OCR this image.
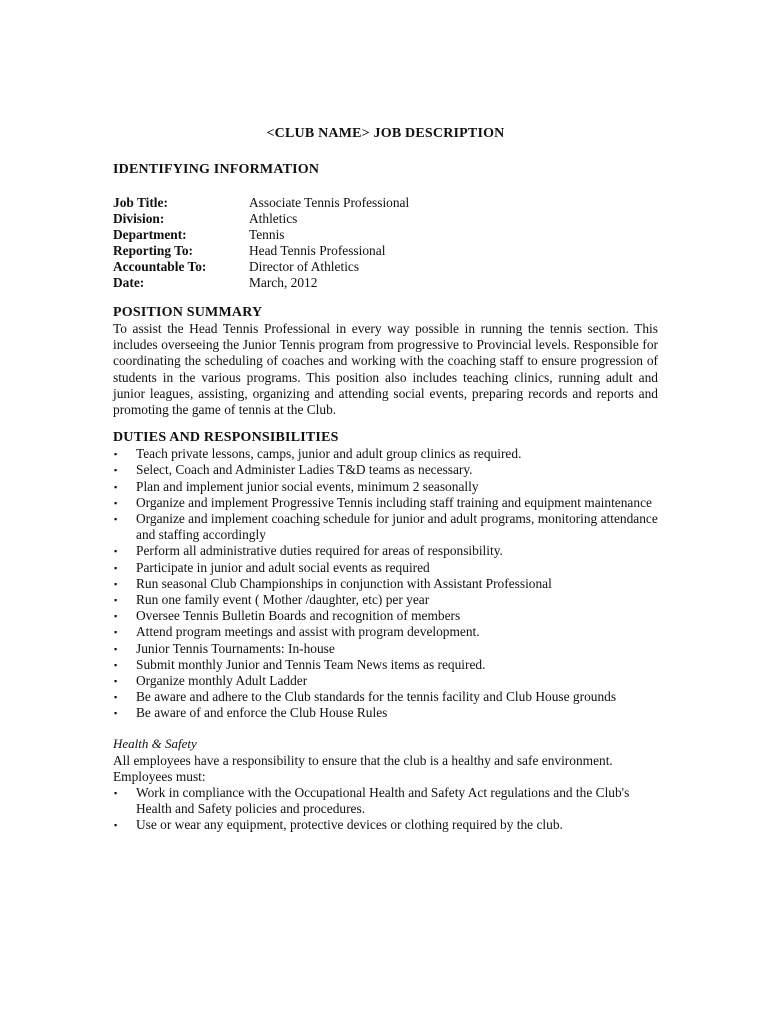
<CLUB NAME> JOB DESCRIPTION
IDENTIFYING INFORMATION
Job Title:	Associate Tennis Professional
Division:	Athletics
Department:	Tennis
Reporting To:	Head Tennis Professional
Accountable To:	Director of Athletics
Date:	March, 2012
POSITION SUMMARY

To assist the Head Tennis Professional in every way possible in running the tennis section. This includes overseeing the Junior Tennis program from progressive to Provincial levels. Responsible for coordinating the scheduling of coaches and working with the coaching staff to ensure progression of students in the various programs. This position also includes teaching clinics, running adult and junior leagues, assisting, organizing and attending social events, preparing records and reports and promoting the game of tennis at the Club.

DUTIES AND RESPONSIBILITIES
▪ Teach private lessons, camps, junior and adult group clinics as required.
▪ Select, Coach and Administer Ladies T&D teams as necessary.
▪ Plan and implement junior social events, minimum 2 seasonally
▪ Organize and implement Progressive Tennis including staff training and equipment maintenance
▪ Organize and implement coaching schedule for junior and adult programs, monitoring attendance and staffing accordingly
▪ Perform all administrative duties required for areas of responsibility.
▪ Participate in junior and adult social events as required
▪ Run seasonal Club Championships in conjunction with Assistant Professional
▪ Run one family event ( Mother /daughter, etc) per year
▪ Oversee Tennis Bulletin Boards and recognition of members
▪ Attend program meetings and assist with program development.
▪ Junior Tennis Tournaments: In-house
▪ Submit monthly Junior and Tennis Team News items as required.
▪ Organize monthly Adult Ladder
▪ Be aware and adhere to the Club standards for the tennis facility and Club House grounds
▪ Be aware of and enforce the Club House Rules
Health & Safety

All employees have a responsibility to ensure that the club is a healthy and safe environment. Employees must:

▪ Work in compliance with the Occupational Health and Safety Act regulations and the Club's Health and Safety policies and procedures.
▪ Use or wear any equipment, protective devices or clothing required by the club.
